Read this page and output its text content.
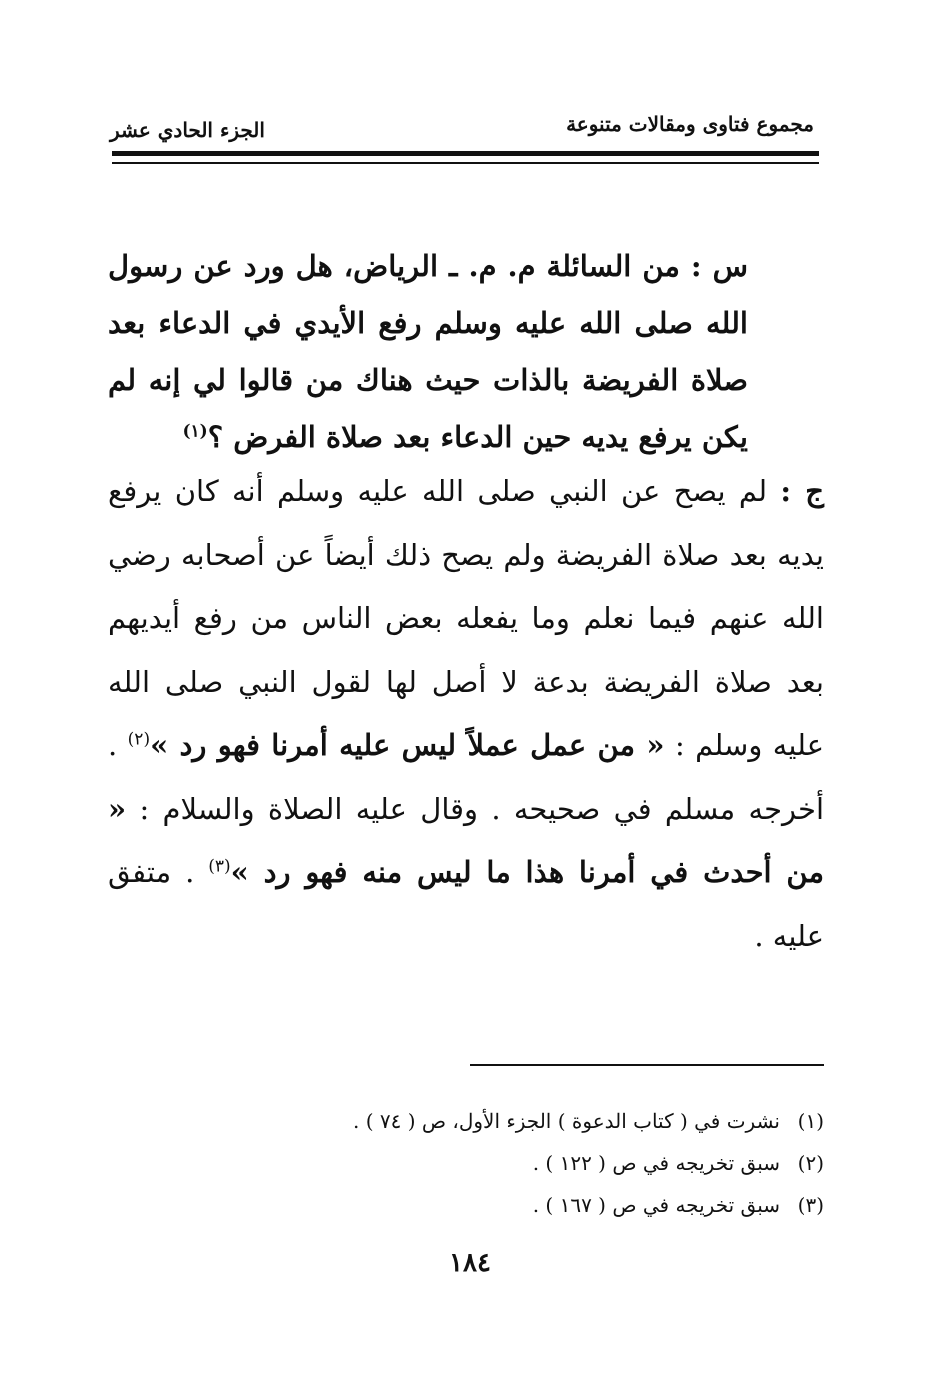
مجموع فتاوى ومقالات متنوعة
الجزء الحادي عشر
س : من السائلة م. م. ـ الرياض، هل ورد عن رسول الله صلى الله عليه وسلم رفع الأيدي في الدعاء بعد صلاة الفريضة بالذات حيث هناك من قالوا لي إنه لم يكن يرفع يديه حين الدعاء بعد صلاة الفرض ؟$^{(١)}$
ج : لم يصح عن النبي صلى الله عليه وسلم أنه كان يرفع يديه بعد صلاة الفريضة ولم يصح ذلك أيضاً عن أصحابه رضي الله عنهم فيما نعلم وما يفعله بعض الناس من رفع أيديهم بعد صلاة الفريضة بدعة لا أصل لها لقول النبي صلى الله عليه وسلم : « من عمل عملاً ليس عليه أمرنا فهو رد »$^{(٢)}$ . أخرجه مسلم في صحيحه . وقال عليه الصلاة والسلام : « من أحدث في أمرنا هذا ما ليس منه فهو رد »$^{(٣)}$ . متفق عليه .
(١)نشرت في ( كتاب الدعوة ) الجزء الأول، ص ( ٧٤ ) .
(٢)سبق تخريجه في ص ( ١٢٢ ) .
(٣)سبق تخريجه في ص ( ١٦٧ ) .
١٨٤
